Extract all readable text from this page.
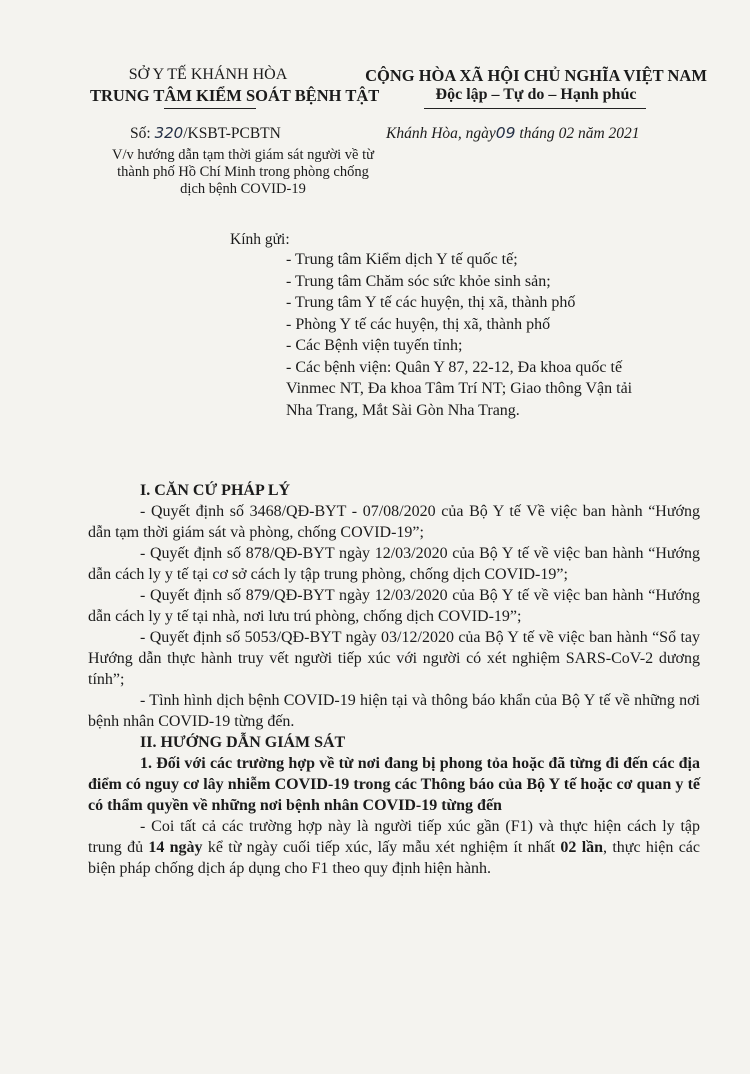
SỞ Y TẾ KHÁNH HÒA
TRUNG TÂM KIỂM SOÁT BỆNH TẬT
CỘNG HÒA XÃ HỘI CHỦ NGHĨA VIỆT NAM
Độc lập – Tự do – Hạnh phúc
Số: 320/KSBT-PCBTN	Khánh Hòa, ngày09 tháng 02 năm 2021
V/v hướng dẫn tạm thời giám sát người về từ thành phố Hồ Chí Minh trong phòng chống dịch bệnh COVID-19
Kính gửi:
- Trung tâm Kiểm dịch Y tế quốc tế;
- Trung tâm Chăm sóc sức khỏe sinh sản;
- Trung tâm Y tế các huyện, thị xã, thành phố
- Phòng Y tế các huyện, thị xã, thành phố
- Các Bệnh viện tuyến tỉnh;
- Các bệnh viện: Quân Y 87, 22-12, Đa khoa quốc tế
Vinmec NT, Đa khoa Tâm Trí NT; Giao thông Vận tải
Nha Trang, Mắt Sài Gòn Nha Trang.

I. CĂN CỨ PHÁP LÝ

- Quyết định số 3468/QĐ-BYT - 07/08/2020 của Bộ Y tế Về việc ban hành “Hướng dẫn tạm thời giám sát và phòng, chống COVID-19”;

- Quyết định số 878/QĐ-BYT ngày 12/03/2020 của Bộ Y tế về việc ban hành “Hướng dẫn cách ly y tế tại cơ sở cách ly tập trung phòng, chống dịch COVID-19”;

- Quyết định số 879/QĐ-BYT ngày 12/03/2020 của Bộ Y tế về việc ban hành “Hướng dẫn cách ly y tế tại nhà, nơi lưu trú phòng, chống dịch COVID-19”;

- Quyết định số 5053/QĐ-BYT ngày 03/12/2020 của Bộ Y tế về việc ban hành “Sổ tay Hướng dẫn thực hành truy vết người tiếp xúc với người có xét nghiệm SARS-CoV-2 dương tính”;

- Tình hình dịch bệnh COVID-19 hiện tại và thông báo khẩn của Bộ Y tế về những nơi bệnh nhân COVID-19 từng đến.

II. HƯỚNG DẪN GIÁM SÁT

1. Đối với các trường hợp về từ nơi đang bị phong tỏa hoặc đã từng đi đến các địa điểm có nguy cơ lây nhiễm COVID-19 trong các Thông báo của Bộ Y tế hoặc cơ quan y tế có thẩm quyền về những nơi bệnh nhân COVID-19 từng đến

- Coi tất cả các trường hợp này là người tiếp xúc gần (F1) và thực hiện cách ly tập trung đủ 14 ngày kể từ ngày cuối tiếp xúc, lấy mẫu xét nghiệm ít nhất 02 lần, thực hiện các biện pháp chống dịch áp dụng cho F1 theo quy định hiện hành.
